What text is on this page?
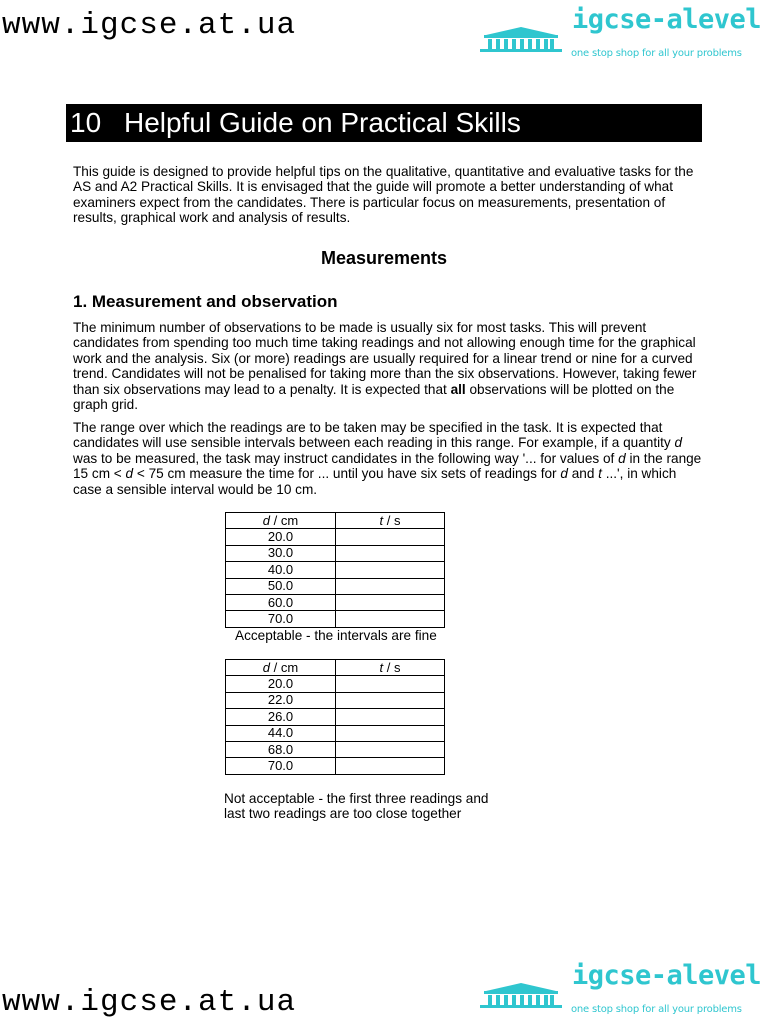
www.igcse.at.ua	igcse-alevel
one stop shop for all your problems
10 Helpful Guide on Practical Skills

This guide is designed to provide helpful tips on the qualitative, quantitative and evaluative tasks for the AS and A2 Practical Skills. It is envisaged that the guide will promote a better understanding of what examiners expect from the candidates. There is particular focus on measurements, presentation of results, graphical work and analysis of results.

Measurements
1. Measurement and observation

The minimum number of observations to be made is usually six for most tasks. This will prevent candidates from spending too much time taking readings and not allowing enough time for the graphical work and the analysis. Six (or more) readings are usually required for a linear trend or nine for a curved trend. Candidates will not be penalised for taking more than the six observations. However, taking fewer than six observations may lead to a penalty. It is expected that all observations will be plotted on the graph grid.

The range over which the readings are to be taken may be specified in the task. It is expected that candidates will use sensible intervals between each reading in this range. For example, if a quantity d was to be measured, the task may instruct candidates in the following way '... for values of d in the range 15 cm < d < 75 cm measure the time for ... until you have six sets of readings for d and t ...', in which case a sensible interval would be 10 cm.

d / cm	t / s
20.0	
30.0	
40.0	
50.0	
60.0	
70.0	
Acceptable - the intervals are fine
d / cm	t / s
20.0	
22.0	
26.0	
44.0	
68.0	
70.0	
Not acceptable - the first three readings and last two readings are too close together
www.igcse.at.ua
igcse-alevel
one stop shop for all your problems
